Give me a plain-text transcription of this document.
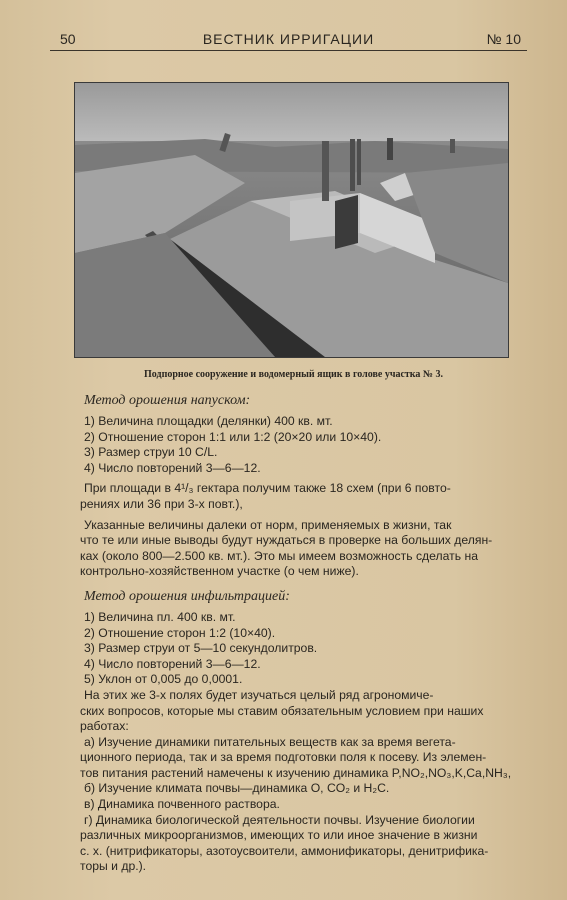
50	ВЕСТНИК ИРРИГАЦИИ	№ 10
Подпорное сооружение и водомерный ящик в голове участка № 3.
Метод орошения напуском:
1) Величина площадки (делянки) 400 кв. мт.
2) Отношение сторон 1:1 или 1:2 (20×20 или 10×40).
3) Размер струи 10 С/L.
4) Число повторений 3—6—12.
При площади в 4¹/₃ гектара получим также 18 схем (при 6 повто-
рениях или 36 при 3-х повт.),
Указанные величины далеки от норм, применяемых в жизни, так
что те или иные выводы будут нуждаться в проверке на больших делян-
ках (около 800—2.500 кв. мт.). Это мы имеем возможность сделать на
контрольно-хозяйственном участке (о чем ниже).
Метод орошения инфильтрацией:
1) Величина пл. 400 кв. мт.
2) Отношение сторон 1:2 (10×40).
3) Размер струи от 5—10 секундолитров.
4) Число повторений 3—6—12.
5) Уклон от 0,005 до 0,0001.
На этих же 3-х полях будет изучаться целый ряд агрономиче-
ских вопросов, которые мы ставим обязательным условием при наших
работах:
а) Изучение динамики питательных веществ как за время вегета-
ционного периода, так и за время подготовки поля к посеву. Из элемен-
тов питания растений намечены к изучению динамика P,NO₂,NO₃,K,Ca,NH₃,
б) Изучение климата почвы—динамика O, CO₂ и H₂C.
в) Динамика почвенного раствора.
г) Динамика биологической деятельности почвы. Изучение биологии
различных микроорганизмов, имеющих то или иное значение в жизни
с. х. (нитрификаторы, азотоусвоители, аммонификаторы, денитрифика-
торы и др.).
